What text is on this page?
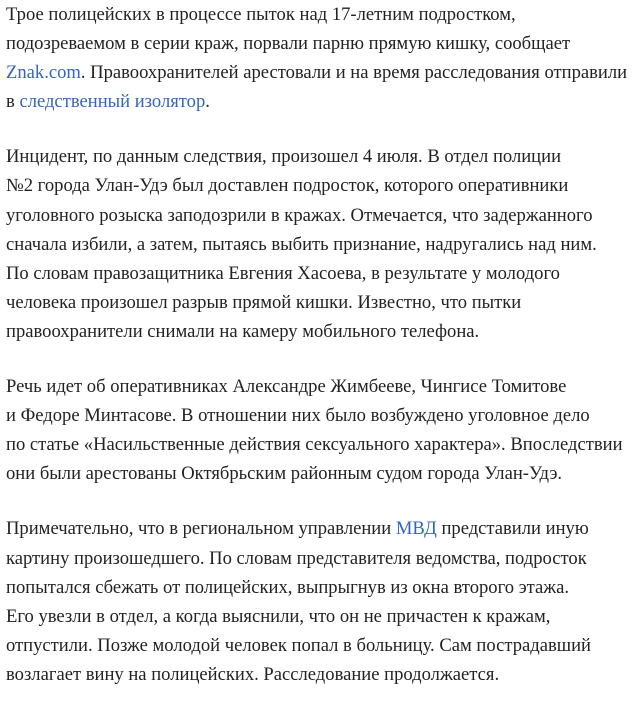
Трое полицейских в процессе пыток над 17-летним подростком,
подозреваемом в серии краж, порвали парню прямую кишку, сообщает
Znak.com. Правоохранителей арестовали и на время расследования отправили
в следственный изолятор.

Инцидент, по данным следствия, произошел 4 июля. В отдел полиции
№2 города Улан-Удэ был доставлен подросток, которого оперативники
уголовного розыска заподозрили в кражах. Отмечается, что задержанного
сначала избили, а затем, пытаясь выбить признание, надругались над ним.
По словам правозащитника Евгения Хасоева, в результате у молодого
человека произошел разрыв прямой кишки. Известно, что пытки
правоохранители снимали на камеру мобильного телефона.

Речь идет об оперативниках Александре Жимбееве, Чингисе Томитове
и Федоре Минтасове. В отношении них было возбуждено уголовное дело
по статье «Насильственные действия сексуального характера». Впоследствии
они были арестованы Октябрьским районным судом города Улан-Удэ.

Примечательно, что в региональном управлении МВД представили иную
картину произошедшего. По словам представителя ведомства, подросток
попытался сбежать от полицейских, выпрыгнув из окна второго этажа.
Его увезли в отдел, а когда выяснили, что он не причастен к кражам,
отпустили. Позже молодой человек попал в больницу. Сам пострадавший
возлагает вину на полицейских. Расследование продолжается.
